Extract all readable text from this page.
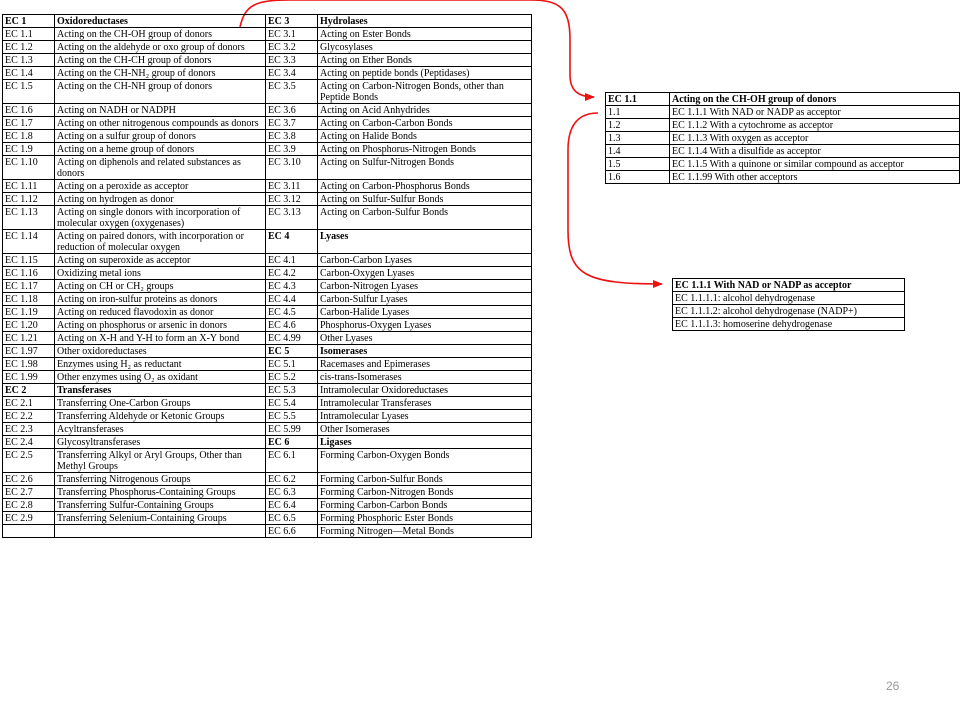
EC 1	Oxidoreductases	EC 3	Hydrolases
EC 1.1	Acting on the CH-OH group of donors	EC 3.1	Acting on Ester Bonds
EC 1.2	Acting on the aldehyde or oxo group of donors	EC 3.2	Glycosylases
EC 1.3	Acting on the CH-CH group of donors	EC 3.3	Acting on Ether Bonds
EC 1.4	Acting on the CH-NH₂ group of donors	EC 3.4	Acting on peptide bonds (Peptidases)
EC 1.5	Acting on the CH-NH group of donors	EC 3.5	Acting on Carbon-Nitrogen Bonds, other than Peptide Bonds
EC 1.6	Acting on NADH or NADPH	EC 3.6	Acting on Acid Anhydrides
EC 1.7	Acting on other nitrogenous compounds as donors	EC 3.7	Acting on Carbon-Carbon Bonds
EC 1.8	Acting on a sulfur group of donors	EC 3.8	Acting on Halide Bonds
EC 1.9	Acting on a heme group of donors	EC 3.9	Acting on Phosphorus-Nitrogen Bonds
EC 1.10	Acting on diphenols and related substances as donors	EC 3.10	Acting on Sulfur-Nitrogen Bonds
EC 1.11	Acting on a peroxide as acceptor	EC 3.11	Acting on Carbon-Phosphorus Bonds
EC 1.12	Acting on hydrogen as donor	EC 3.12	Acting on Sulfur-Sulfur Bonds
EC 1.13	Acting on single donors with incorporation of molecular oxygen (oxygenases)	EC 3.13	Acting on Carbon-Sulfur Bonds
EC 1.14	Acting on paired donors, with incorporation or reduction of molecular oxygen	EC 4	Lyases
EC 1.15	Acting on superoxide as acceptor	EC 4.1	Carbon-Carbon Lyases
EC 1.16	Oxidizing metal ions	EC 4.2	Carbon-Oxygen Lyases
EC 1.17	Acting on CH or CH₂ groups	EC 4.3	Carbon-Nitrogen Lyases
EC 1.18	Acting on iron-sulfur proteins as donors	EC 4.4	Carbon-Sulfur Lyases
EC 1.19	Acting on reduced flavodoxin as donor	EC 4.5	Carbon-Halide Lyases
EC 1.20	Acting on phosphorus or arsenic in donors	EC 4.6	Phosphorus-Oxygen Lyases
EC 1.21	Acting on X-H and Y-H to form an X-Y bond	EC 4.99	Other Lyases
EC 1.97	Other oxidoreductases	EC 5	Isomerases
EC 1.98	Enzymes using H₂ as reductant	EC 5.1	Racemases and Epimerases
EC 1.99	Other enzymes using O₂ as oxidant	EC 5.2	cis-trans-Isomerases
EC 2	Transferases	EC 5.3	Intramolecular Oxidoreductases
EC 2.1	Transferring One-Carbon Groups	EC 5.4	Intramolecular Transferases
EC 2.2	Transferring Aldehyde or Ketonic Groups	EC 5.5	Intramolecular Lyases
EC 2.3	Acyltransferases	EC 5.99	Other Isomerases
EC 2.4	Glycosyltransferases	EC 6	Ligases
EC 2.5	Transferring Alkyl or Aryl Groups, Other than Methyl Groups	EC 6.1	Forming Carbon-Oxygen Bonds
EC 2.6	Transferring Nitrogenous Groups	EC 6.2	Forming Carbon-Sulfur Bonds
EC 2.7	Transferring Phosphorus-Containing Groups	EC 6.3	Forming Carbon-Nitrogen Bonds
EC 2.8	Transferring Sulfur-Containing Groups	EC 6.4	Forming Carbon-Carbon Bonds
EC 2.9	Transferring Selenium-Containing Groups	EC 6.5	Forming Phosphoric Ester Bonds
		EC 6.6	Forming Nitrogen—Metal Bonds
EC 1.1	Acting on the CH-OH group of donors
1.1	EC 1.1.1 With NAD or NADP as acceptor
1.2	EC 1.1.2 With a cytochrome as acceptor
1.3	EC 1.1.3 With oxygen as acceptor
1.4	EC 1.1.4 With a disulfide as acceptor
1.5	EC 1.1.5 With a quinone or similar compound as acceptor
1.6	EC 1.1.99 With other acceptors
EC 1.1.1 With NAD or NADP as acceptor
EC 1.1.1.1: alcohol dehydrogenase
EC 1.1.1.2: alcohol dehydrogenase (NADP+)
EC 1.1.1.3: homoserine dehydrogenase
26
